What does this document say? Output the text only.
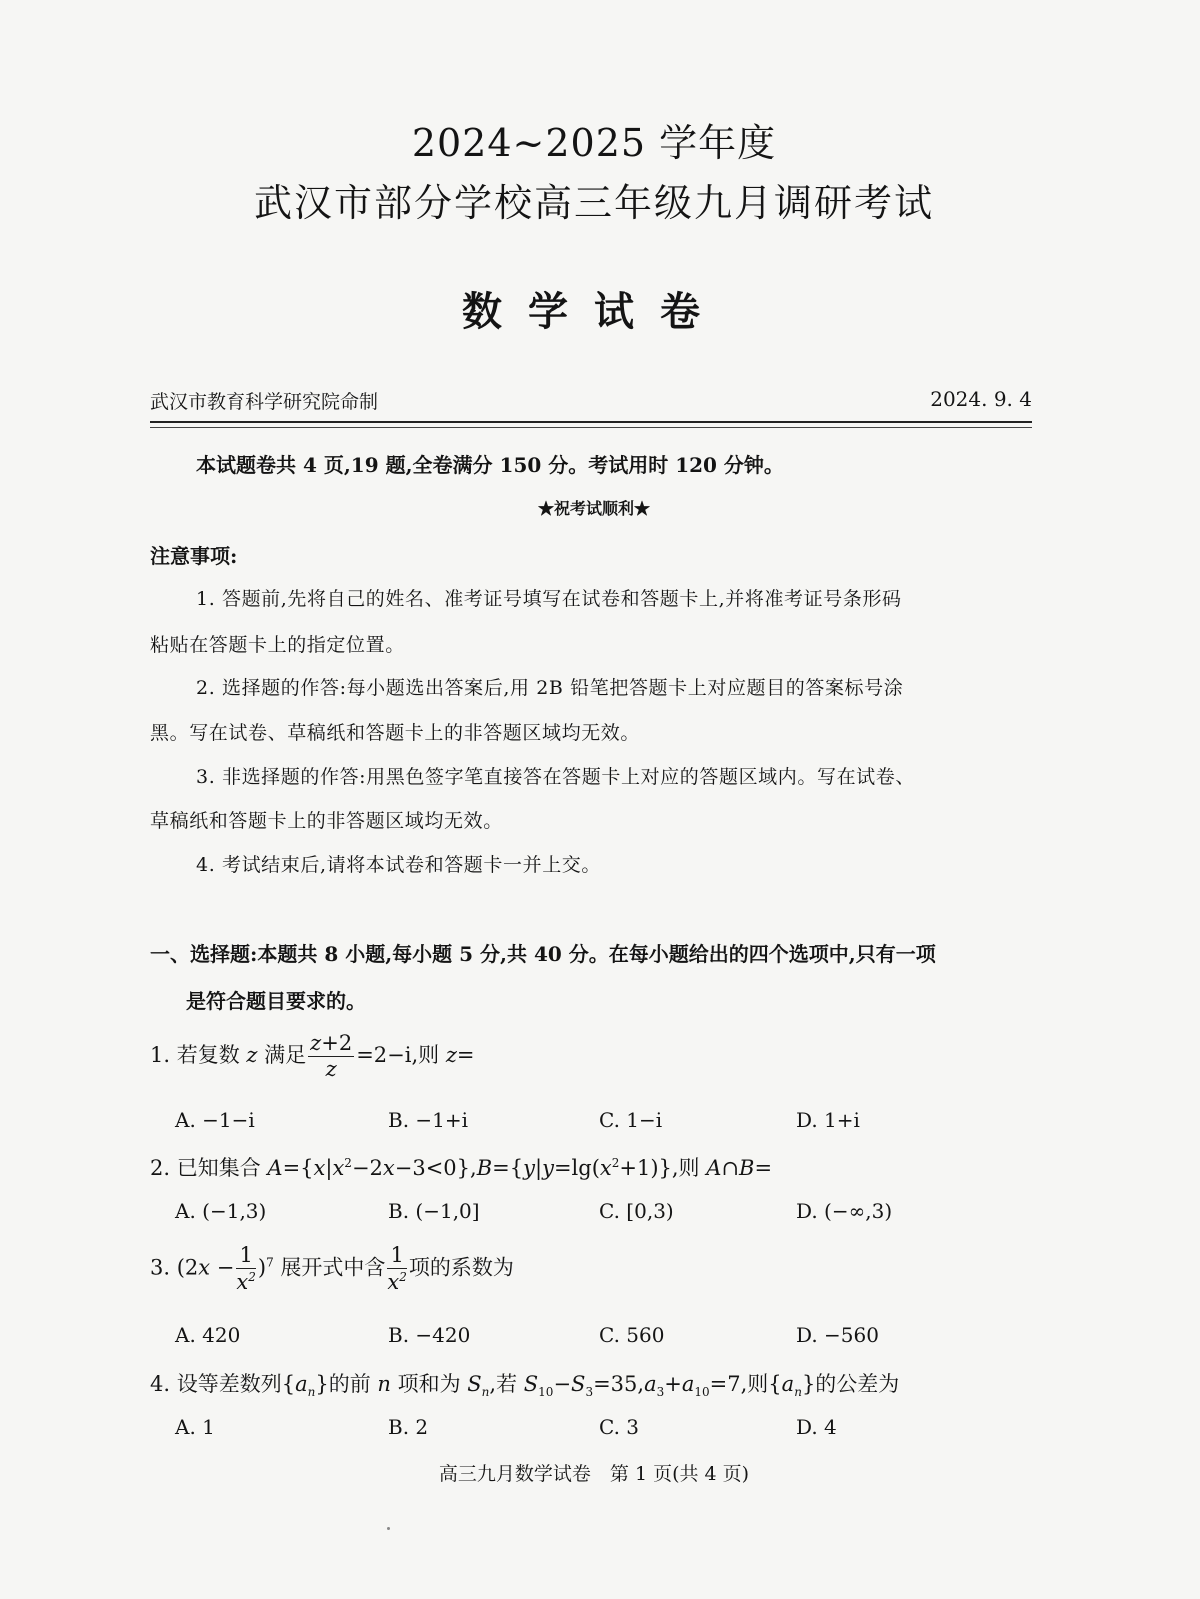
2024~2025 学年度
武汉市部分学校高三年级九月调研考试
数学试卷
武汉市教育科学研究院命制	2024. 9. 4
本试题卷共 4 页,19 题,全卷满分 150 分。考试用时 120 分钟。
★祝考试顺利★
注意事项:
1. 答题前,先将自己的姓名、准考证号填写在试卷和答题卡上,并将准考证号条形码
粘贴在答题卡上的指定位置。
2. 选择题的作答:每小题选出答案后,用 2B 铅笔把答题卡上对应题目的答案标号涂
黑。写在试卷、草稿纸和答题卡上的非答题区域均无效。
3. 非选择题的作答:用黑色签字笔直接答在答题卡上对应的答题区域内。写在试卷、
草稿纸和答题卡上的非答题区域均无效。
4. 考试结束后,请将本试卷和答题卡一并上交。
一、选择题:本题共 8 小题,每小题 5 分,共 40 分。在每小题给出的四个选项中,只有一项
是符合题目要求的。
1. 若复数 z 满足 $\frac{z+2}{z} =2-i$,则 z=
A. −1−i	B. −1+i	C. 1−i	D. 1+i
2. 已知集合 $A=\{x|x^2-2x-3<0\},B=\{y|y=\lg(x^2+1)\}$,则 A∩B=
A. (−1,3)	B. (−1,0]	C. [0,3)	D. (−∞,3)
3. $(2x - \frac{1}{x^2} )^7$ 展开式中含 $\frac{1}{x^2}$ 项的系数为
A. 420	B. −420	C. 560	D. −560
4. 设等差数列$\{a_n\}$的前 n 项和为 $S_n$,若 $S_{10}-S_3=35,a_3+a_{10}=7$,则$\{a_n\}$的公差为
A. 1	B. 2	C. 3	D. 4
高三九月数学试卷　第 1 页(共 4 页)
